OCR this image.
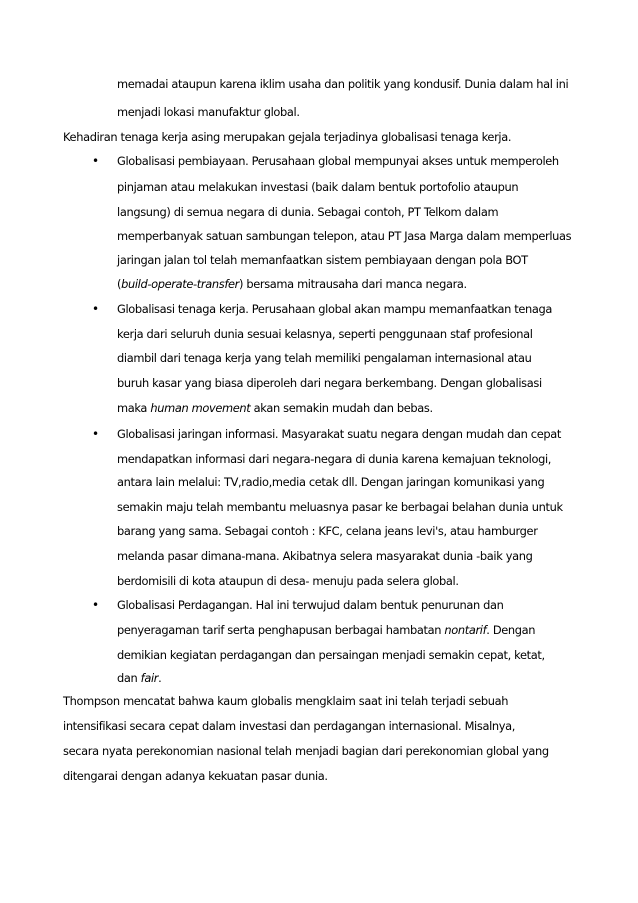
memadai ataupun karena iklim usaha dan politik yang kondusif. Dunia dalam hal ini
menjadi lokasi manufaktur global.
Kehadiran tenaga kerja asing merupakan gejala terjadinya globalisasi tenaga kerja.
• Globalisasi pembiayaan. Perusahaan global mempunyai akses untuk memperoleh
pinjaman atau melakukan investasi (baik dalam bentuk portofolio ataupun
langsung) di semua negara di dunia. Sebagai contoh, PT Telkom dalam
memperbanyak satuan sambungan telepon, atau PT Jasa Marga dalam memperluas
jaringan jalan tol telah memanfaatkan sistem pembiayaan dengan pola BOT
(build-operate-transfer) bersama mitrausaha dari manca negara.
• Globalisasi tenaga kerja. Perusahaan global akan mampu memanfaatkan tenaga
kerja dari seluruh dunia sesuai kelasnya, seperti penggunaan staf profesional
diambil dari tenaga kerja yang telah memiliki pengalaman internasional atau
buruh kasar yang biasa diperoleh dari negara berkembang. Dengan globalisasi
maka human movement akan semakin mudah dan bebas.
• Globalisasi jaringan informasi. Masyarakat suatu negara dengan mudah dan cepat
mendapatkan informasi dari negara-negara di dunia karena kemajuan teknologi,
antara lain melalui: TV,radio,media cetak dll. Dengan jaringan komunikasi yang
semakin maju telah membantu meluasnya pasar ke berbagai belahan dunia untuk
barang yang sama. Sebagai contoh : KFC, celana jeans levi's, atau hamburger
melanda pasar dimana-mana. Akibatnya selera masyarakat dunia -baik yang
berdomisili di kota ataupun di desa- menuju pada selera global.
• Globalisasi Perdagangan. Hal ini terwujud dalam bentuk penurunan dan
penyeragaman tarif serta penghapusan berbagai hambatan nontarif. Dengan
demikian kegiatan perdagangan dan persaingan menjadi semakin cepat, ketat,
dan fair.
Thompson mencatat bahwa kaum globalis mengklaim saat ini telah terjadi sebuah
intensifikasi secara cepat dalam investasi dan perdagangan internasional. Misalnya,
secara nyata perekonomian nasional telah menjadi bagian dari perekonomian global yang
ditengarai dengan adanya kekuatan pasar dunia.
